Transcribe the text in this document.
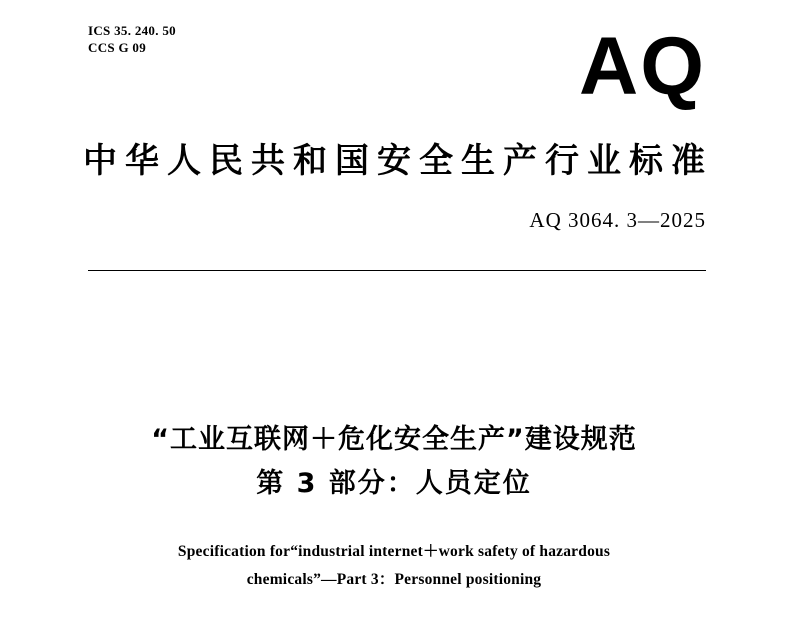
ICS 35. 240. 50
CCS G 09	AQ
中华人民共和国安全生产行业标准
AQ 3064. 3—2025
“工业互联网＋危化安全生产”建设规范
第 3 部分：人员定位
Specification for“industrial internet＋work safety of hazardous
chemicals”—Part 3：Personnel positioning
